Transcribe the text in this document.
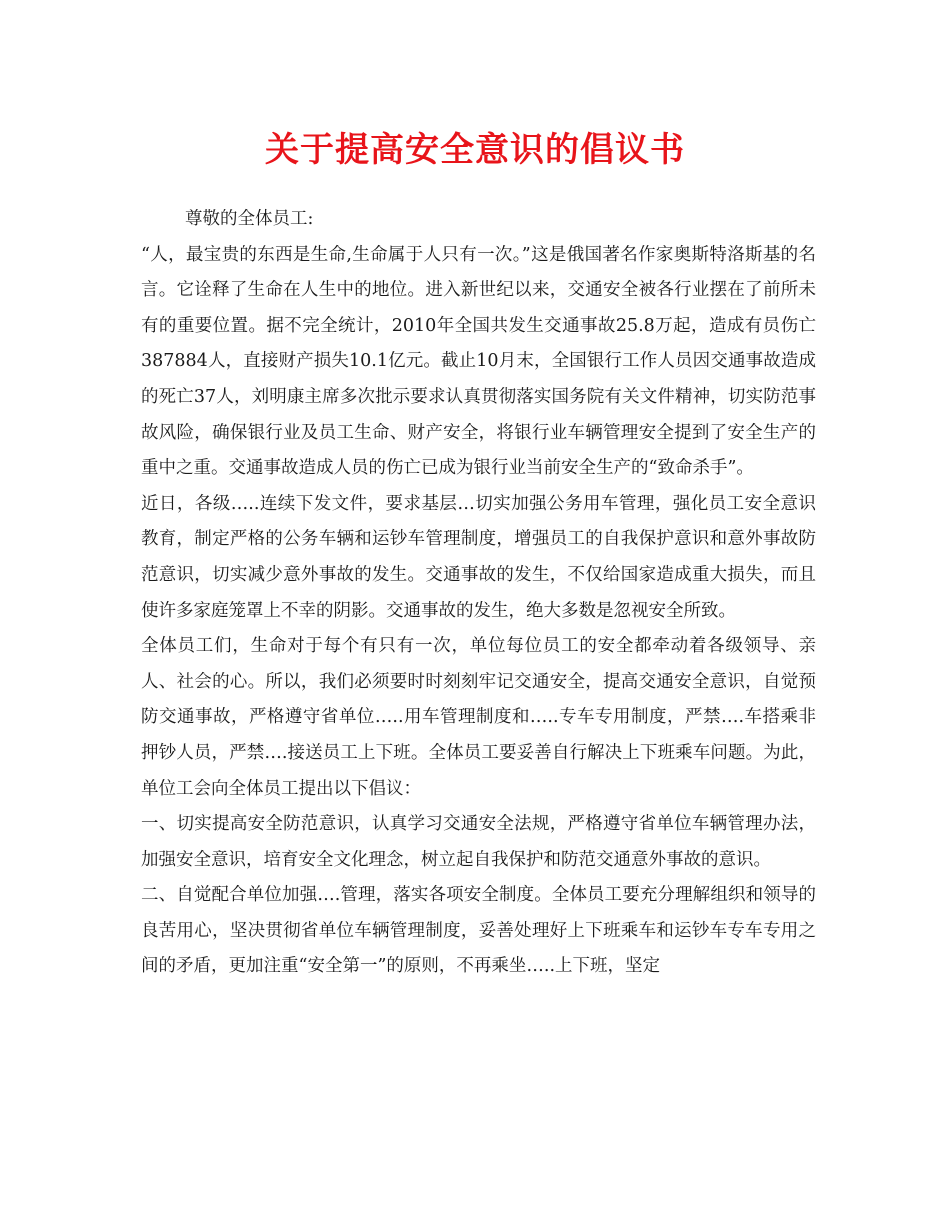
关于提高安全意识的倡议书

尊敬的全体员工:

“人，最宝贵的东西是生命,生命属于人只有一次。”这是俄国著名作家奥斯特洛斯基的名言。它诠释了生命在人生中的地位。进入新世纪以来，交通安全被各行业摆在了前所未有的重要位置。据不完全统计，2010年全国共发生交通事故25.8万起，造成有员伤亡387884人，直接财产损失10.1亿元。截止10月末，全国银行工作人员因交通事故造成的死亡37人，刘明康主席多次批示要求认真贯彻落实国务院有关文件精神，切实防范事故风险，确保银行业及员工生命、财产安全，将银行业车辆管理安全提到了安全生产的重中之重。交通事故造成人员的伤亡已成为银行业当前安全生产的“致命杀手”。

近日，各级…..连续下发文件，要求基层…切实加强公务用车管理，强化员工安全意识教育，制定严格的公务车辆和运钞车管理制度，增强员工的自我保护意识和意外事故防范意识，切实减少意外事故的发生。交通事故的发生，不仅给国家造成重大损失，而且使许多家庭笼罩上不幸的阴影。交通事故的发生，绝大多数是忽视安全所致。

全体员工们，生命对于每个有只有一次，单位每位员工的安全都牵动着各级领导、亲人、社会的心。所以，我们必须要时时刻刻牢记交通安全，提高交通安全意识，自觉预防交通事故，严格遵守省单位…..用车管理制度和…..专车专用制度，严禁….车搭乘非押钞人员，严禁….接送员工上下班。全体员工要妥善自行解决上下班乘车问题。为此，单位工会向全体员工提出以下倡议：

一、切实提高安全防范意识，认真学习交通安全法规，严格遵守省单位车辆管理办法，加强安全意识，培育安全文化理念，树立起自我保护和防范交通意外事故的意识。

二、自觉配合单位加强….管理，落实各项安全制度。全体员工要充分理解组织和领导的良苦用心，坚决贯彻省单位车辆管理制度，妥善处理好上下班乘车和运钞车专车专用之间的矛盾，更加注重“安全第一”的原则，不再乘坐…..上下班，坚定
